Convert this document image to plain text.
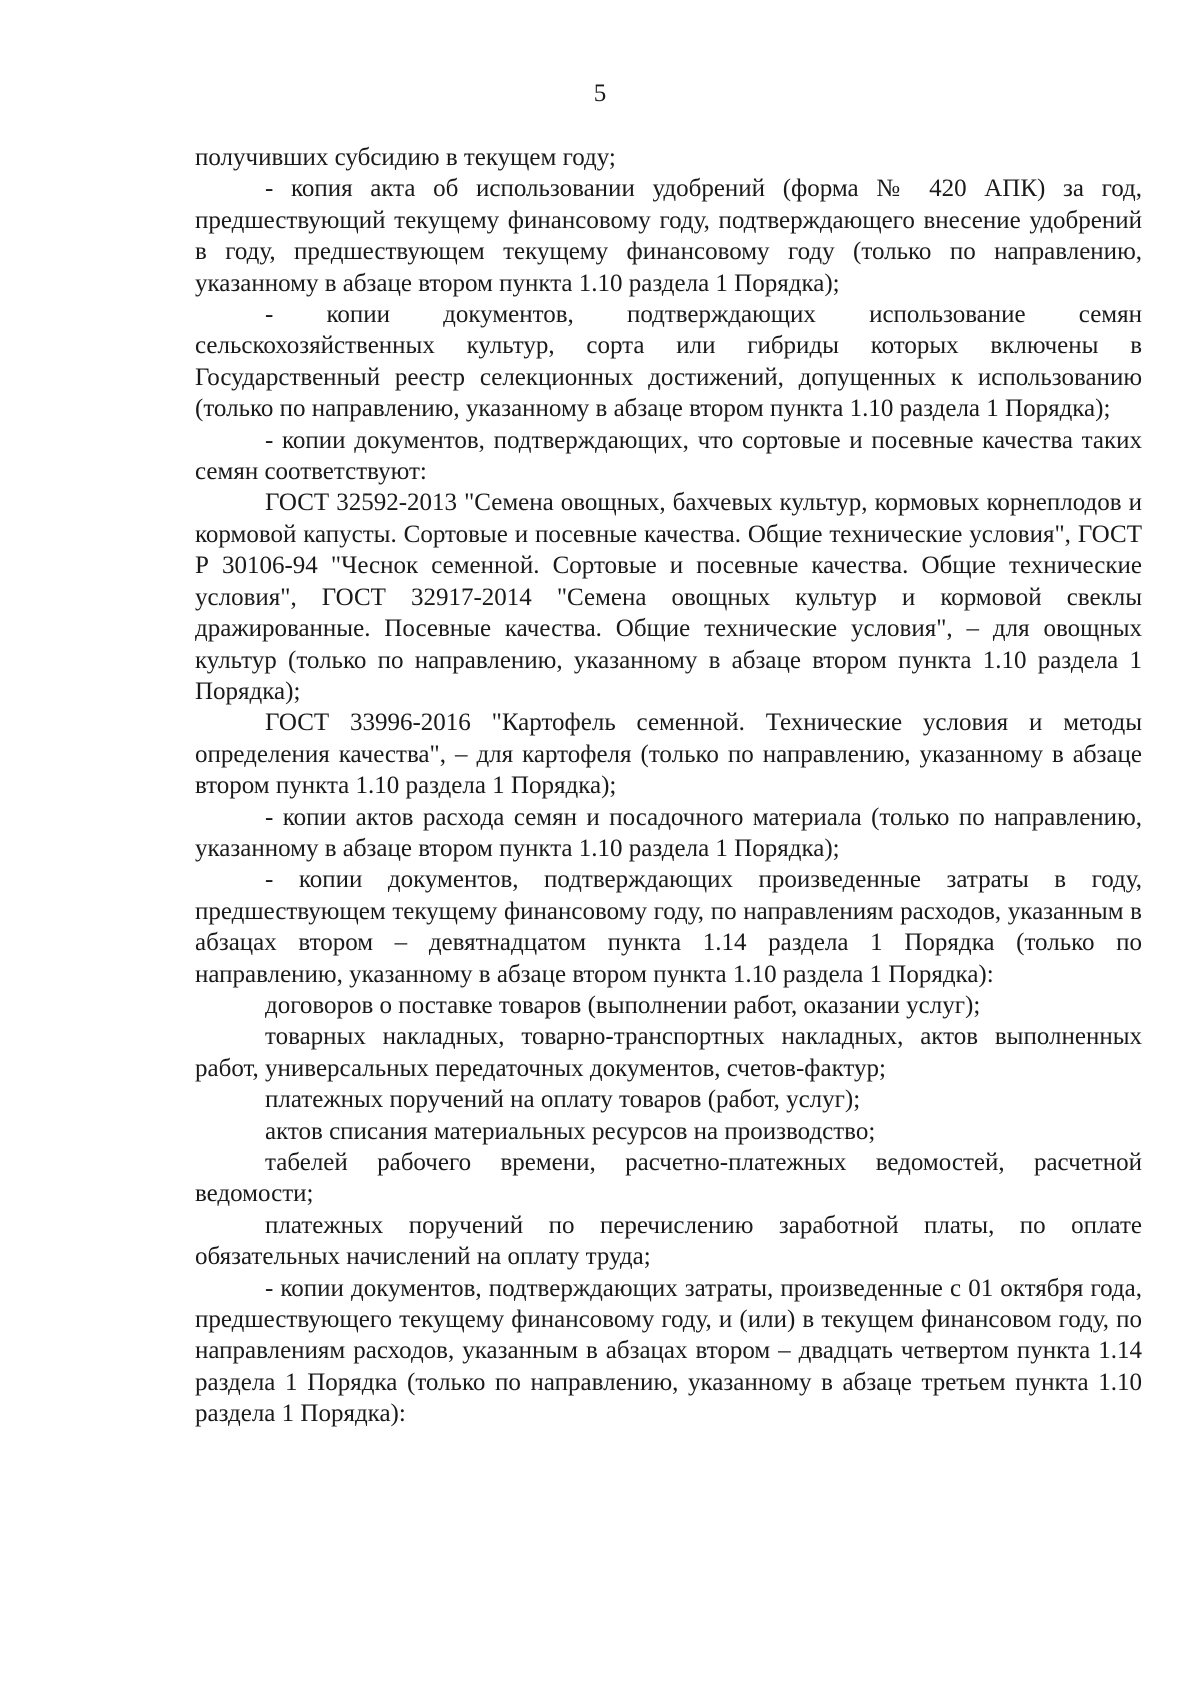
5

получивших субсидию в текущем году;

- копия акта об использовании удобрений (форма № 420 АПК) за год, предшествующий текущему финансовому году, подтверждающего внесение удобрений в году, предшествующем текущему финансовому году (только по направлению, указанному в абзаце втором пункта 1.10 раздела 1 Порядка);

- копии документов, подтверждающих использование семян сельскохозяйственных культур, сорта или гибриды которых включены в Государственный реестр селекционных достижений, допущенных к использованию (только по направлению, указанному в абзаце втором пункта 1.10 раздела 1 Порядка);

- копии документов, подтверждающих, что сортовые и посевные качества таких семян соответствуют:

ГОСТ 32592-2013 "Семена овощных, бахчевых культур, кормовых корнеплодов и кормовой капусты. Сортовые и посевные качества. Общие технические условия", ГОСТ Р 30106-94 "Чеснок семенной. Сортовые и посевные качества. Общие технические условия", ГОСТ 32917-2014 "Семена овощных культур и кормовой свеклы дражированные. Посевные качества. Общие технические условия", – для овощных культур (только по направлению, указанному в абзаце втором пункта 1.10 раздела 1 Порядка);

ГОСТ 33996-2016 "Картофель семенной. Технические условия и методы определения качества", – для картофеля (только по направлению, указанному в абзаце втором пункта 1.10 раздела 1 Порядка);

- копии актов расхода семян и посадочного материала (только по направлению, указанному в абзаце втором пункта 1.10 раздела 1 Порядка);

- копии документов, подтверждающих произведенные затраты в году, предшествующем текущему финансовому году, по направлениям расходов, указанным в абзацах втором – девятнадцатом пункта 1.14 раздела 1 Порядка (только по направлению, указанному в абзаце втором пункта 1.10 раздела 1 Порядка):

договоров о поставке товаров (выполнении работ, оказании услуг);

товарных накладных, товарно-транспортных накладных, актов выполненных работ, универсальных передаточных документов, счетов-фактур;

платежных поручений на оплату товаров (работ, услуг);

актов списания материальных ресурсов на производство;

табелей рабочего времени, расчетно-платежных ведомостей, расчетной ведомости;

платежных поручений по перечислению заработной платы, по оплате обязательных начислений на оплату труда;

- копии документов, подтверждающих затраты, произведенные с 01 октября года, предшествующего текущему финансовому году, и (или) в текущем финансовом году, по направлениям расходов, указанным в абзацах втором – двадцать четвертом пункта 1.14 раздела 1 Порядка (только по направлению, указанному в абзаце третьем пункта 1.10 раздела 1 Порядка):
